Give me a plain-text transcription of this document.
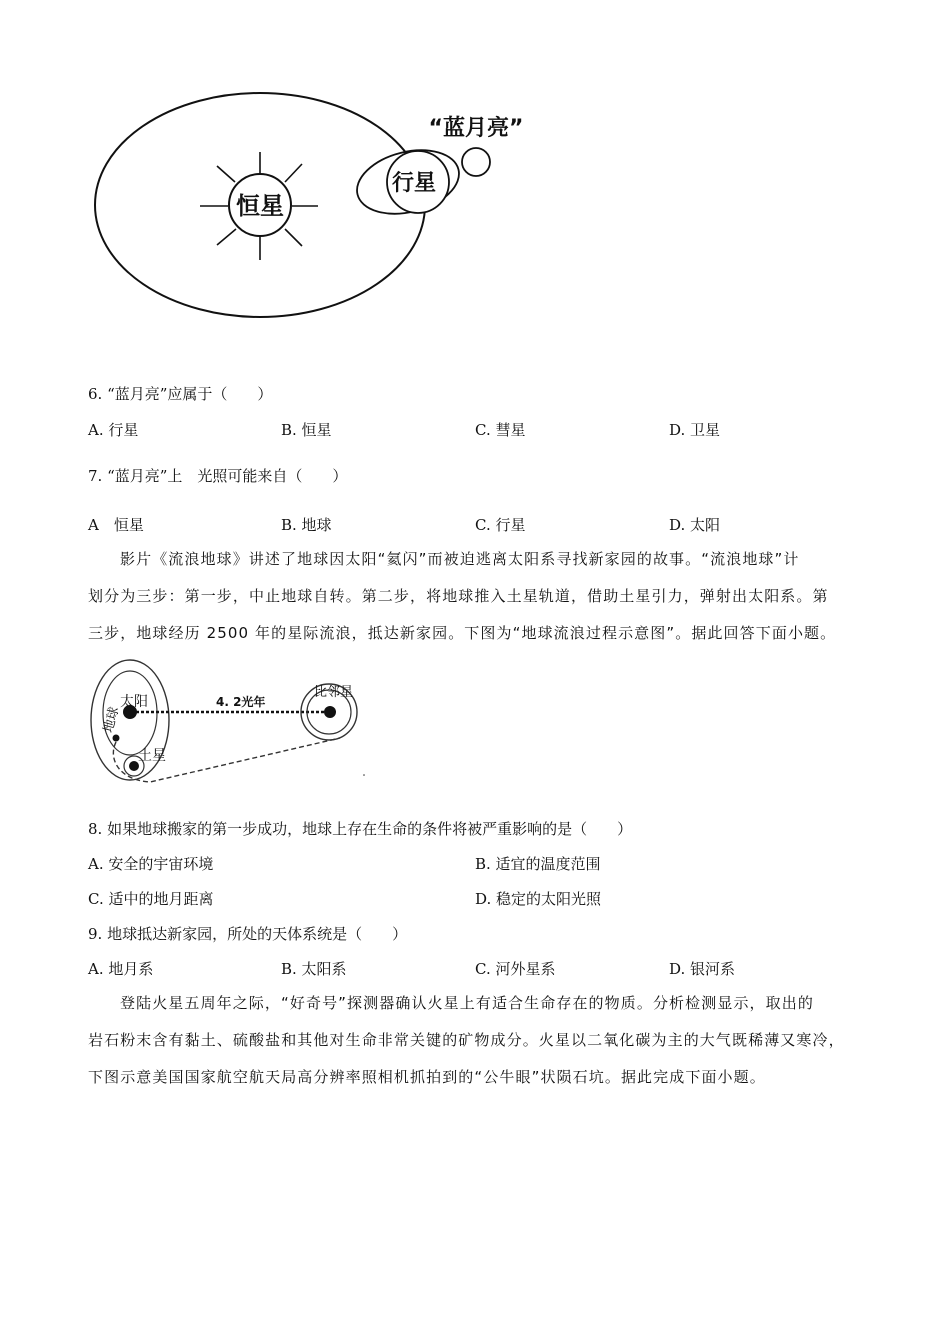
恒星
行星
“蓝月亮”
6. “蓝月亮”应属于（　　）
A. 行星	B. 恒星	C. 彗星	D. 卫星
7. “蓝月亮”上　光照可能来自（　　）
A　恒星	B. 地球	C. 行星	D. 太阳

影片《流浪地球》讲述了地球因太阳“氦闪”而被迫逃离太阳系寻找新家园的故事。“流浪地球”计

划分为三步：第一步，中止地球自转。第二步，将地球推入土星轨道，借助土星引力，弹射出太阳系。第

三步，地球经历 2500 年的星际流浪，抵达新家园。下图为“地球流浪过程示意图”。据此回答下面小题。

太阳
地球
土星
4. 2光年
比邻星
8. 如果地球搬家的第一步成功，地球上存在生命的条件将被严重影响的是（　　）
A. 安全的宇宙环境	B. 适宜的温度范围
C. 适中的地月距离	D. 稳定的太阳光照
9. 地球抵达新家园，所处的天体系统是（　　）
A. 地月系	B. 太阳系	C. 河外星系	D. 银河系

登陆火星五周年之际，“好奇号”探测器确认火星上有适合生命存在的物质。分析检测显示，取出的

岩石粉末含有黏土、硫酸盐和其他对生命非常关键的矿物成分。火星以二氧化碳为主的大气既稀薄又寒冷，

下图示意美国国家航空航天局高分辨率照相机抓拍到的“公牛眼”状陨石坑。据此完成下面小题。
